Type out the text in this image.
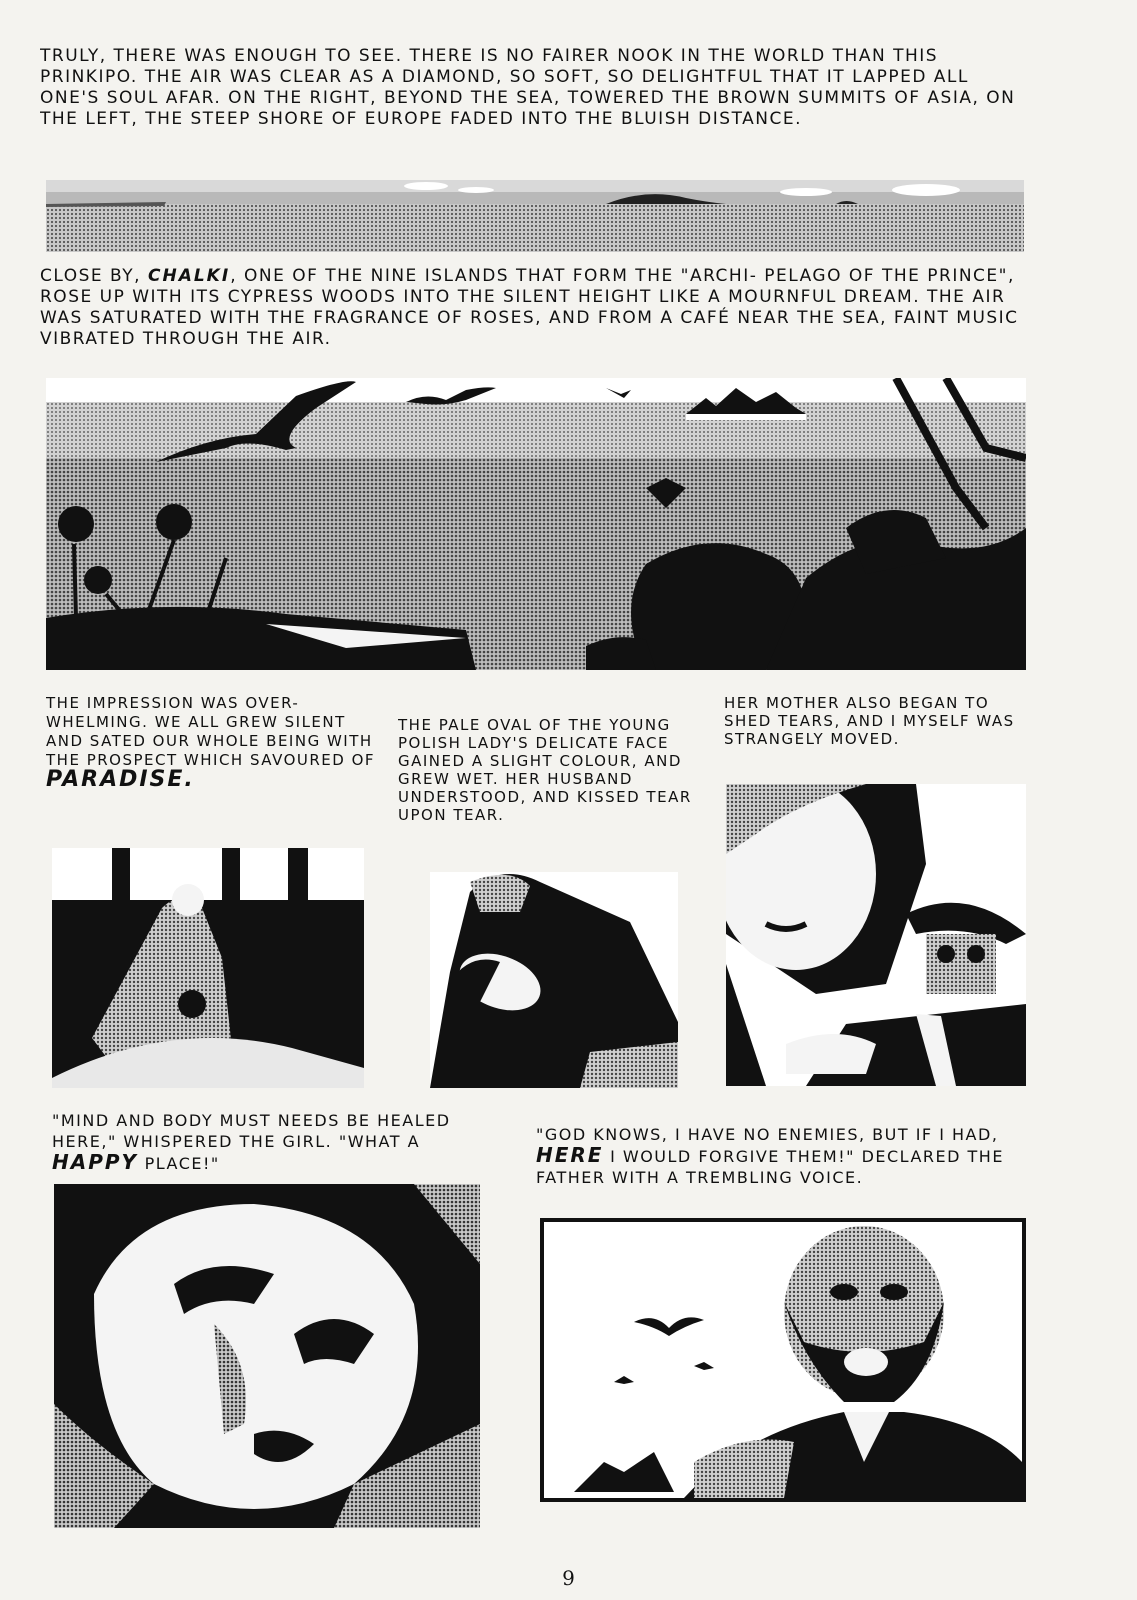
TRULY, THERE WAS ENOUGH TO SEE. THERE IS NO FAIRER NOOK IN THE WORLD THAN THIS PRINKIPO. THE AIR WAS CLEAR AS A DIAMOND, SO SOFT, SO DELIGHTFUL THAT IT LAPPED ALL ONE'S SOUL AFAR. ON THE RIGHT, BEYOND THE SEA, TOWERED THE BROWN SUMMITS OF ASIA, ON THE LEFT, THE STEEP SHORE OF EUROPE FADED INTO THE BLUISH DISTANCE.

CLOSE BY, CHALKI, ONE OF THE NINE ISLANDS THAT FORM THE "ARCHI- PELAGO OF THE PRINCE", ROSE UP WITH ITS CYPRESS WOODS INTO THE SILENT HEIGHT LIKE A MOURNFUL DREAM. THE AIR WAS SATURATED WITH THE FRAGRANCE OF ROSES, AND FROM A CAFÉ NEAR THE SEA, FAINT MUSIC VIBRATED THROUGH THE AIR.

THE IMPRESSION WAS OVER- WHELMING. WE ALL GREW SILENT AND SATED OUR WHOLE BEING WITH THE PROSPECT WHICH SAVOURED OF PARADISE.

THE PALE OVAL OF THE YOUNG POLISH LADY'S DELICATE FACE GAINED A SLIGHT COLOUR, AND GREW WET. HER HUSBAND UNDERSTOOD, AND KISSED TEAR UPON TEAR.

HER MOTHER ALSO BEGAN TO SHED TEARS, AND I MYSELF WAS STRANGELY MOVED.

"MIND AND BODY MUST NEEDS BE HEALED HERE," WHISPERED THE GIRL. "WHAT A HAPPY PLACE!"

"GOD KNOWS, I HAVE NO ENEMIES, BUT IF I HAD, HERE I WOULD FORGIVE THEM!" DECLARED THE FATHER WITH A TREMBLING VOICE.

9
